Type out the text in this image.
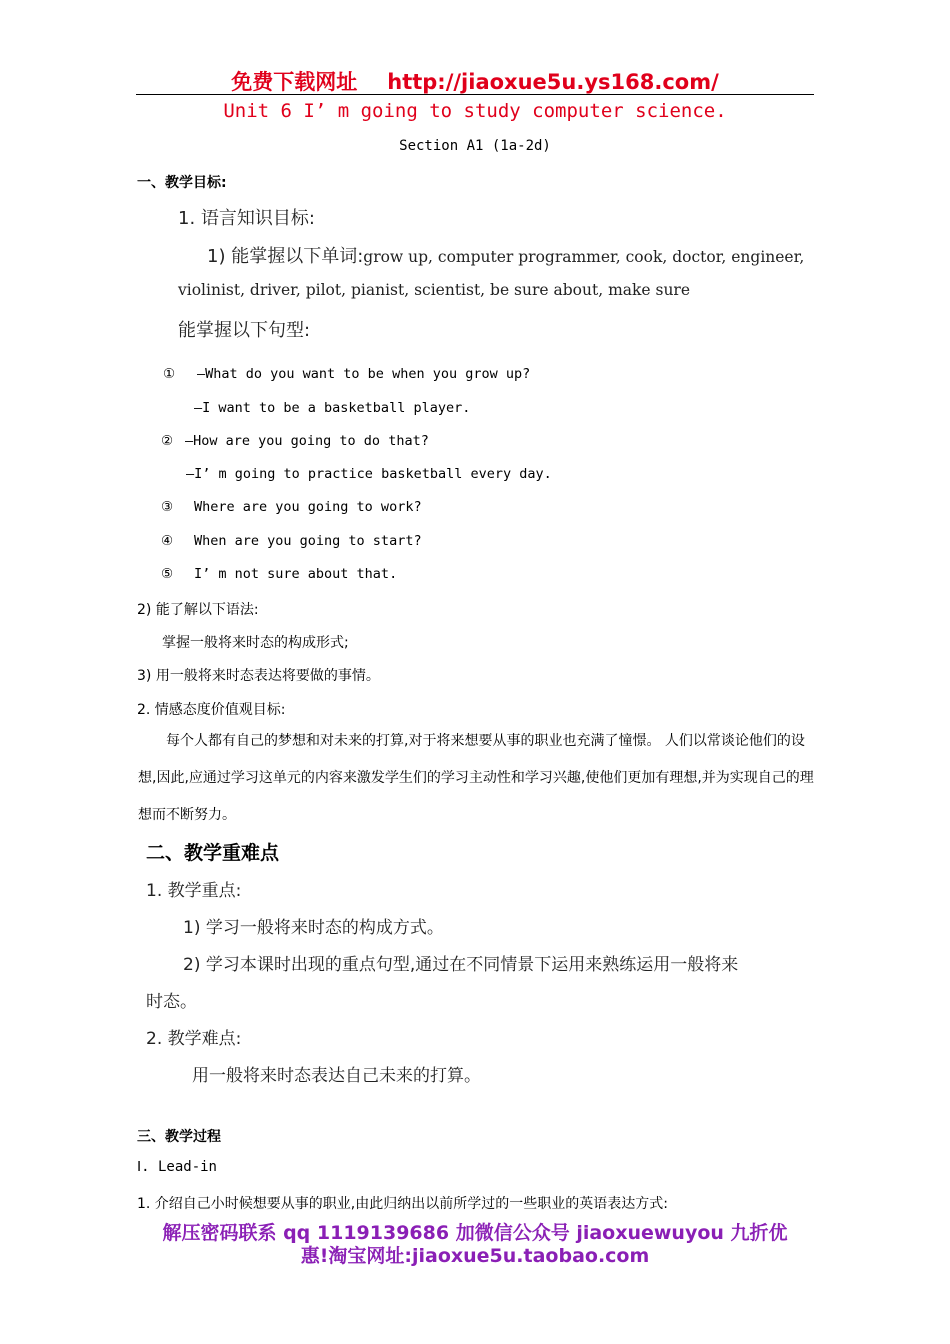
免费下载网址 http://jiaoxue5u.ys168.com/
Unit 6 I’ m going to study computer science.
Section A1 (1a-2d)
一、教学目标:
1. 语言知识目标:
1) 能掌握以下单词:grow up, computer programmer, cook, doctor, engineer,
violinist, driver, pilot, pianist, scientist, be sure about, make sure
能掌握以下句型:
① —What do you want to be when you grow up?
—I want to be a basketball player.
② —How are you going to do that?
—I’ m going to practice basketball every day.
③ Where are you going to work?
④ When are you going to start?
⑤ I’ m not sure about that.
2) 能了解以下语法:
掌握一般将来时态的构成形式;
3) 用一般将来时态表达将要做的事情。
2. 情感态度价值观目标:
每个人都有自己的梦想和对未来的打算,对于将来想要从事的职业也充满了憧憬。 人们以常谈论他们的设想,因此,应通过学习这单元的内容来激发学生们的学习主动性和学习兴趣,使他们更加有理想,并为实现自己的理想而不断努力。
二、教学重难点
1. 教学重点:
1) 学习一般将来时态的构成方式。
2) 学习本课时出现的重点句型,通过在不同情景下运用来熟练运用一般将来
时态。
2. 教学难点:
用一般将来时态表达自己未来的打算。
三、教学过程
Ⅰ. Lead-in
1. 介绍自己小时候想要从事的职业,由此归纳出以前所学过的一些职业的英语表达方式:
解压密码联系 qq 1119139686 加微信公众号 jiaoxuewuyou 九折优
惠!淘宝网址:jiaoxue5u.taobao.com
